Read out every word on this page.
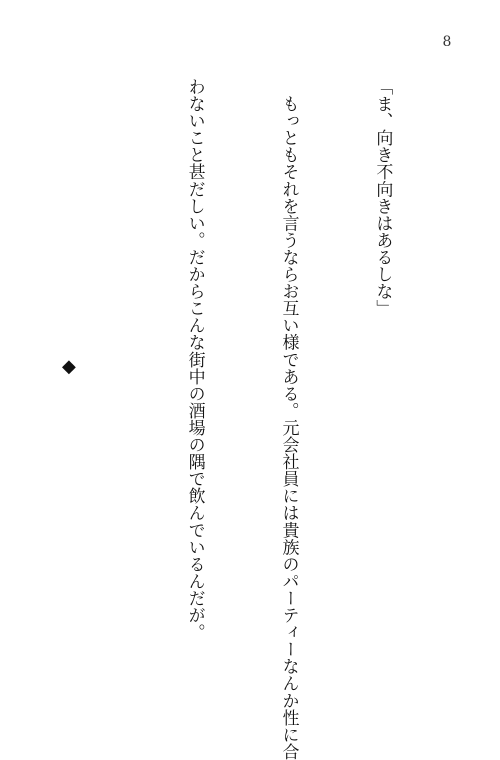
8

「ま、向き不向きはあるしな」

　もっともそれを言うならお互い様である。元会社員には貴族のパーティーなんか性に合

わないこと甚だしい。だからこんな街中の酒場の隅で飲んでいるんだが。

◆
